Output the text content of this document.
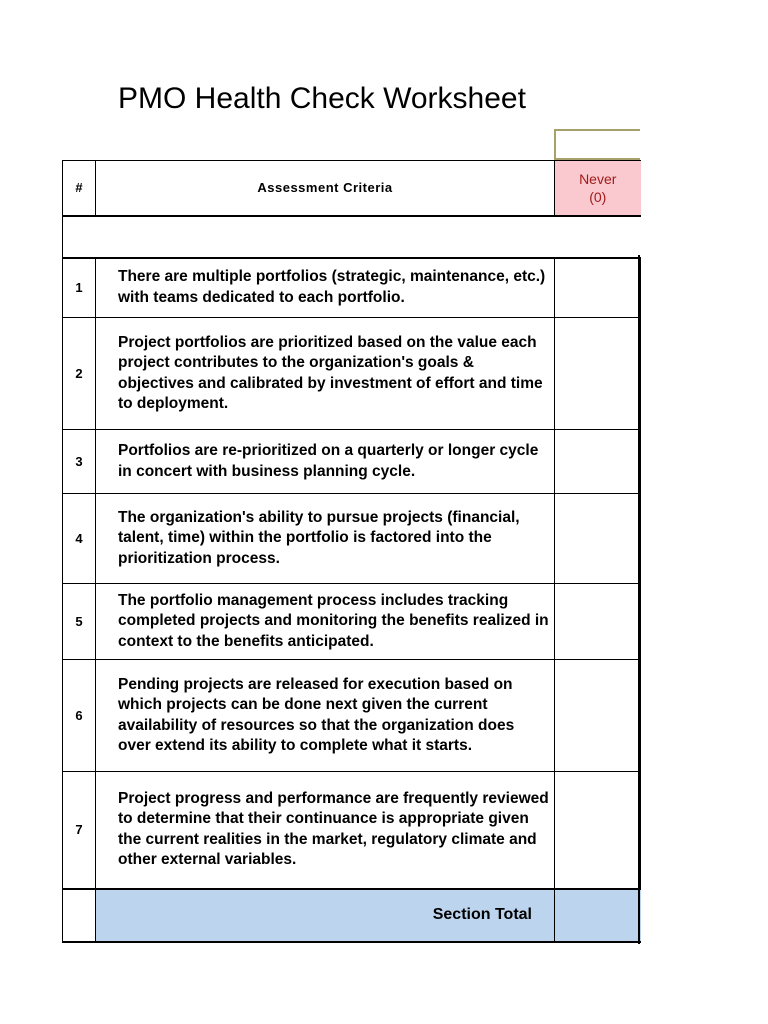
PMO Health Check Worksheet
#	Assessment Criteria	Never
(0)

1	There are multiple portfolios (strategic, maintenance, etc.) with teams dedicated to each portfolio.	
2	Project portfolios are prioritized based on the value each project contributes to the organization's goals & objectives and calibrated by investment of effort and time to deployment.	
3	Portfolios are re-prioritized on a quarterly or longer cycle in concert with business planning cycle.	
4	The organization's ability to pursue projects (financial, talent, time) within the portfolio is factored into the prioritization process.	
5	The portfolio management process includes tracking completed projects and monitoring the benefits realized in context to the benefits anticipated.	
6	Pending projects are released for execution based on which projects can be done next given the current availability of resources so that the organization does over extend its ability to complete what it starts.	
7	Project progress and performance are frequently reviewed to determine that their continuance is appropriate given the current realities in the market, regulatory climate and other external variables.	
	Section Total	
